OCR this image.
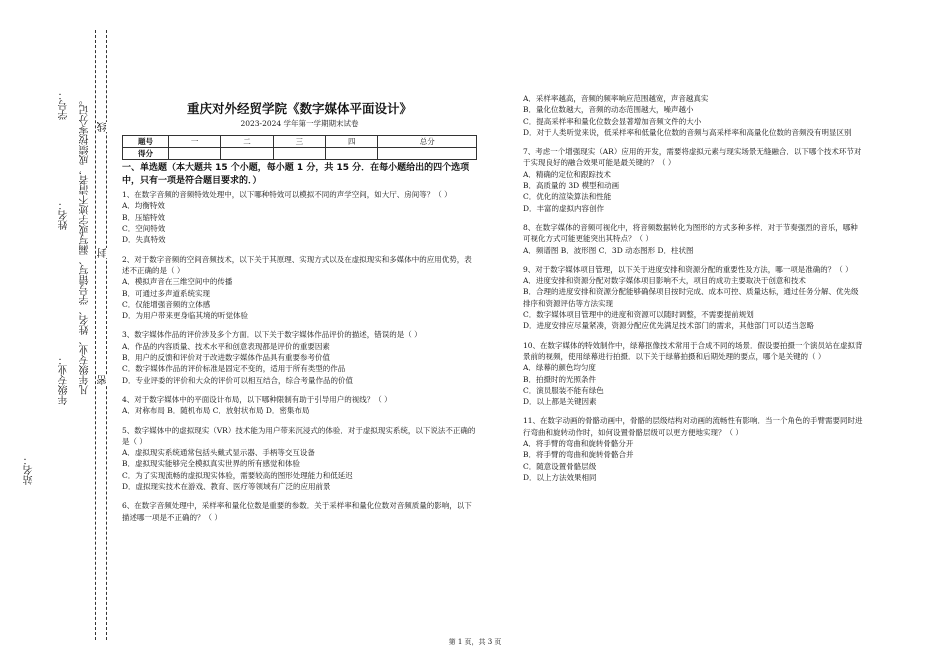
学号：
姓名：
年级专业：
站名：
凡年级专业、姓名、学号错写、漏写或字迹不清者，成绩按零分记。 线
封
密
重庆对外经贸学院《数字媒体平面设计》
2023-2024 学年第一学期期末试卷
题号	一	二	三	四	总分
得分					
一、单选题（本大题共 15 个小题，每小题 1 分，共 15 分．在每小题给出的四个选项中，只有一项是符合题目要求的．）
1、在数字音频的音频特效处理中，以下哪种特效可以模拟不同的声学空间，如大厅、房间等？（ ）
A．均衡特效
B．压缩特效
C．空间特效
D．失真特效
2、对于数字音频的空间音频技术，以下关于其原理、实现方式以及在虚拟现实和多媒体中的应用优势，表述不正确的是（ ）
A．模拟声音在三维空间中的传播
B．可通过多声道系统实现
C．仅能增强音频的立体感
D．为用户带来更身临其境的听觉体验
3、数字媒体作品的评价涉及多个方面．以下关于数字媒体作品评价的描述，错误的是（ ）
A．作品的内容质量、技术水平和创意表现都是评价的重要因素
B．用户的反馈和评价对于改进数字媒体作品具有重要参考价值
C．数字媒体作品的评价标准是固定不变的，适用于所有类型的作品
D．专业评委的评价和大众的评价可以相互结合，综合考量作品的价值
4、对于数字媒体中的平面设计布局，以下哪种限制有助于引导用户的视线？（ ）
A．对称布局 B．随机布局 C．放射状布局 D．密集布局
5、数字媒体中的虚拟现实（VR）技术能为用户带来沉浸式的体验．对于虚拟现实系统，以下说法不正确的是（ ）
A．虚拟现实系统通常包括头戴式显示器、手柄等交互设备
B．虚拟现实能够完全模拟真实世界的所有感觉和体验
C．为了实现流畅的虚拟现实体验，需要较高的图形处理能力和低延迟
D．虚拟现实技术在游戏、教育、医疗等领域有广泛的应用前景
6、在数字音频处理中，采样率和量化位数是重要的参数．关于采样率和量化位数对音频质量的影响，以下描述哪一项是不正确的？（ ）
A．采样率越高，音频的频率响应范围越宽，声音越真实
B．量化位数越大，音频的动态范围越大，噪声越小
C．提高采样率和量化位数会显著增加音频文件的大小
D．对于人类听觉来说，低采样率和低量化位数的音频与高采样率和高量化位数的音频没有明显区别
7、考虑一个增强现实（AR）应用的开发，需要将虚拟元素与现实场景无缝融合．以下哪个技术环节对于实现良好的融合效果可能是最关键的？（ ）
A．精确的定位和跟踪技术
B．高质量的 3D 模型和动画
C．优化的渲染算法和性能
D．丰富的虚拟内容创作
8、在数字媒体的音频可视化中，将音频数据转化为图形的方式多种多样．对于节奏强烈的音乐，哪种可视化方式可能更能突出其特点？（ ）
A．频谱图 B．波形图 C．3D 动态图形 D．柱状图
9、对于数字媒体项目管理，以下关于进度安排和资源分配的重要性及方法，哪一项是准确的？（ ）
A．进度安排和资源分配对数字媒体项目影响不大，项目的成功主要取决于创意和技术
B．合理的进度安排和资源分配能够确保项目按时完成、成本可控、质量达标，通过任务分解、优先级排序和资源评估等方法实现
C．数字媒体项目管理中的进度和资源可以随时调整，不需要提前规划
D．进度安排应尽量紧凑，资源分配应优先满足技术部门的需求，其他部门可以适当忽略
10、在数字媒体的特效制作中，绿幕抠像技术常用于合成不同的场景．假设要拍摄一个演员站在虚拟背景前的视频，使用绿幕进行拍摄．以下关于绿幕拍摄和后期处理的要点，哪个是关键的（ ）
A．绿幕的颜色均匀度
B．拍摄时的光照条件
C．演员服装不能有绿色
D．以上都是关键因素
11、在数字动画的骨骼动画中，骨骼的层级结构对动画的流畅性有影响．当一个角色的手臂需要同时进行弯曲和旋转动作时，如何设置骨骼层级可以更方便地实现？（ ）
A．将手臂的弯曲和旋转骨骼分开
B．将手臂的弯曲和旋转骨骼合并
C．随意设置骨骼层级
D．以上方法效果相同
第 1 页，共 3 页
